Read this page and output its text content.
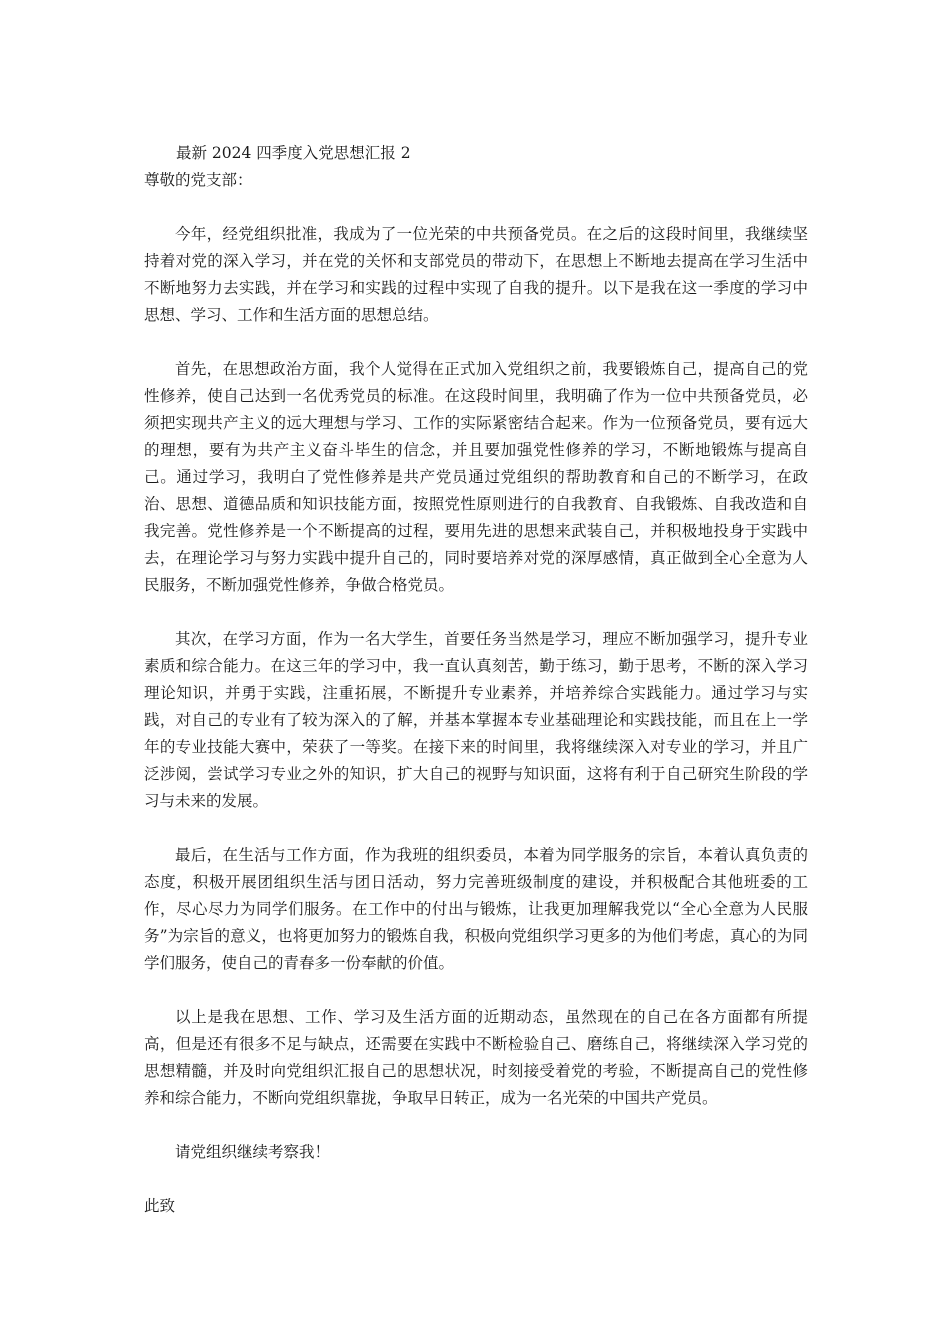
最新 2024 四季度入党思想汇报 2

尊敬的党支部：

今年，经党组织批准，我成为了一位光荣的中共预备党员。在之后的这段时间里，我继续坚持着对党的深入学习，并在党的关怀和支部党员的带动下，在思想上不断地去提高在学习生活中不断地努力去实践，并在学习和实践的过程中实现了自我的提升。以下是我在这一季度的学习中思想、学习、工作和生活方面的思想总结。

首先，在思想政治方面，我个人觉得在正式加入党组织之前，我要锻炼自己，提高自己的党性修养，使自己达到一名优秀党员的标准。在这段时间里，我明确了作为一位中共预备党员，必须把实现共产主义的远大理想与学习、工作的实际紧密结合起来。作为一位预备党员，要有远大的理想，要有为共产主义奋斗毕生的信念，并且要加强党性修养的学习，不断地锻炼与提高自己。通过学习，我明白了党性修养是共产党员通过党组织的帮助教育和自己的不断学习，在政治、思想、道德品质和知识技能方面，按照党性原则进行的自我教育、自我锻炼、自我改造和自我完善。党性修养是一个不断提高的过程，要用先进的思想来武装自己，并积极地投身于实践中去，在理论学习与努力实践中提升自己的，同时要培养对党的深厚感情，真正做到全心全意为人民服务，不断加强党性修养，争做合格党员。

其次，在学习方面，作为一名大学生，首要任务当然是学习，理应不断加强学习，提升专业素质和综合能力。在这三年的学习中，我一直认真刻苦，勤于练习，勤于思考，不断的深入学习理论知识，并勇于实践，注重拓展，不断提升专业素养，并培养综合实践能力。通过学习与实践，对自己的专业有了较为深入的了解，并基本掌握本专业基础理论和实践技能，而且在上一学年的专业技能大赛中，荣获了一等奖。在接下来的时间里，我将继续深入对专业的学习，并且广泛涉阅，尝试学习专业之外的知识，扩大自己的视野与知识面，这将有利于自己研究生阶段的学习与未来的发展。

最后，在生活与工作方面，作为我班的组织委员，本着为同学服务的宗旨，本着认真负责的态度，积极开展团组织生活与团日活动，努力完善班级制度的建设，并积极配合其他班委的工作，尽心尽力为同学们服务。在工作中的付出与锻炼，让我更加理解我党以“全心全意为人民服务”为宗旨的意义，也将更加努力的锻炼自我，积极向党组织学习更多的为他们考虑，真心的为同学们服务，使自己的青春多一份奉献的价值。

以上是我在思想、工作、学习及生活方面的近期动态，虽然现在的自己在各方面都有所提高，但是还有很多不足与缺点，还需要在实践中不断检验自己、磨练自己，将继续深入学习党的思想精髓，并及时向党组织汇报自己的思想状况，时刻接受着党的考验，不断提高自己的党性修养和综合能力，不断向党组织靠拢，争取早日转正，成为一名光荣的中国共产党员。

请党组织继续考察我！

此致
